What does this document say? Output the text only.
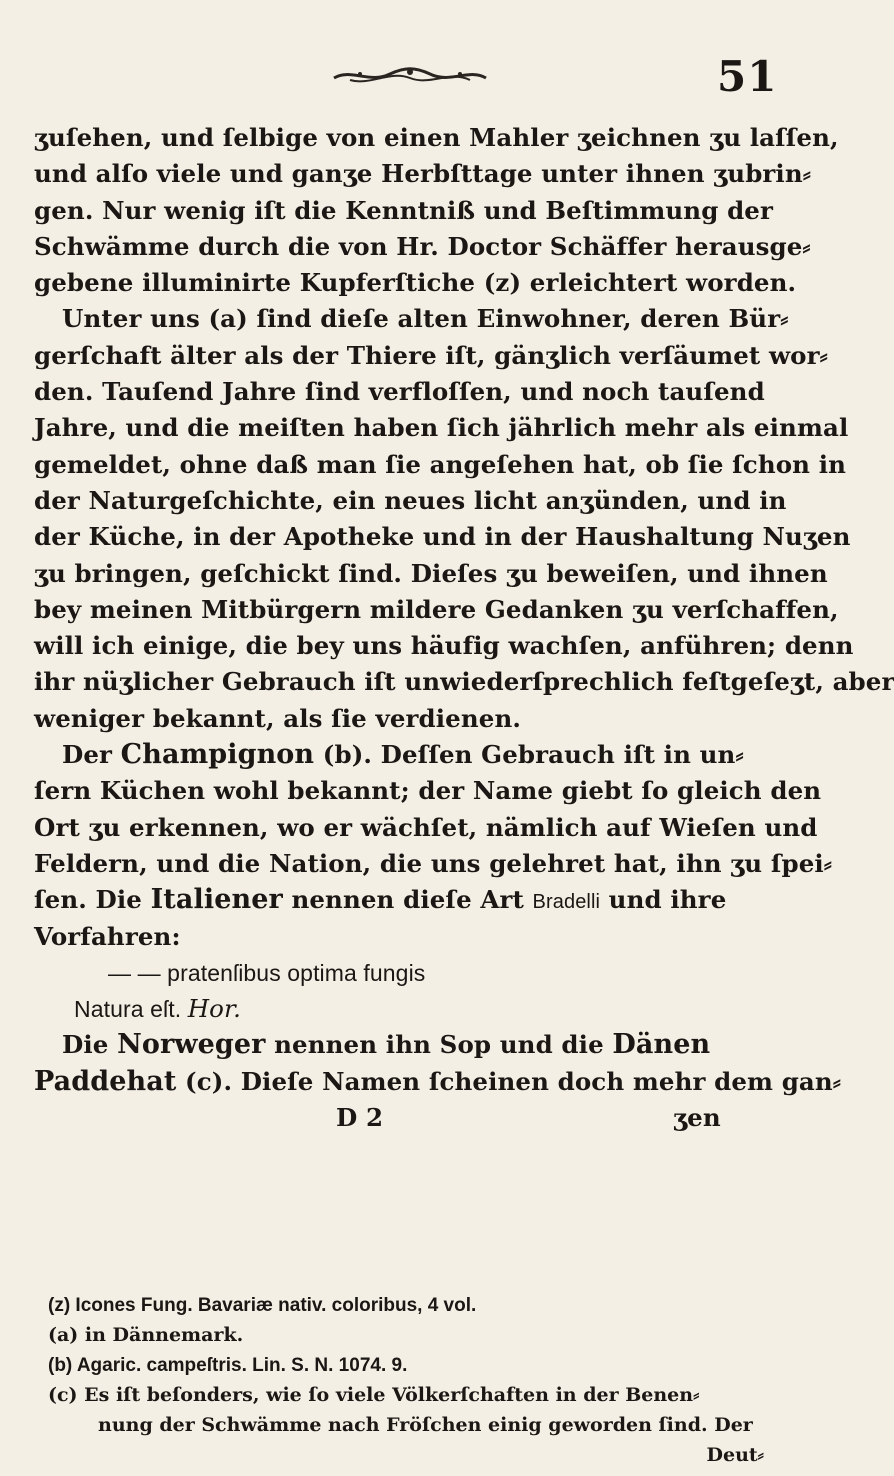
51
ʒuſehen, und ſelbige von einen Mahler ʒeichnen ʒu laſſen,
und alſo viele und ganʒe Herbſttage unter ihnen ʒubrin⸗
gen. Nur wenig iſt die Kenntniß und Beſtimmung der
Schwämme durch die von Hr. Doctor Schäffer herausge⸗
gebene illuminirte Kupferſtiche (z) erleichtert worden.
Unter uns (a) ſind dieſe alten Einwohner, deren Bür⸗
gerſchaft älter als der Thiere iſt, gänʒlich verſäumet wor⸗
den. Tauſend Jahre ſind verfloſſen, und noch tauſend
Jahre, und die meiſten haben ſich jährlich mehr als einmal
gemeldet, ohne daß man ſie angeſehen hat, ob ſie ſchon in
der Naturgeſchichte, ein neues licht anʒünden, und in
der Küche, in der Apotheke und in der Haushaltung Nuʒen
ʒu bringen, geſchickt ſind. Dieſes ʒu beweiſen, und ihnen
bey meinen Mitbürgern mildere Gedanken ʒu verſchaffen,
will ich einige, die bey uns häufig wachſen, anführen; denn
ihr nüʒlicher Gebrauch iſt unwiederſprechlich feſtgeſeʒt, aber
weniger bekannt, als ſie verdienen.
Der Champignon (b). Deſſen Gebrauch iſt in un⸗
ſern Küchen wohl bekannt; der Name giebt ſo gleich den
Ort ʒu erkennen, wo er wächſet, nämlich auf Wieſen und
Feldern, und die Nation, die uns gelehret hat, ihn ʒu ſpei⸗
ſen. Die Italiener nennen dieſe Art Bradelli und ihre
Vorfahren:
— — pratenſibus optima fungis
Natura eſt. Hor.
Die Norweger nennen ihn Sop und die Dänen
Paddehat (c). Dieſe Namen ſcheinen doch mehr dem gan⸗
D 2	ʒen
(z) Icones Fung. Bavariæ nativ. coloribus, 4 vol.
(a) in Dännemark.
(b) Agaric. campeſtris. Lin. S. N. 1074. 9.
(c) Es iſt beſonders, wie ſo viele Völkerſchaften in der Benen⸗
nung der Schwämme nach Fröſchen einig geworden ſind. Der
Deut⸗
